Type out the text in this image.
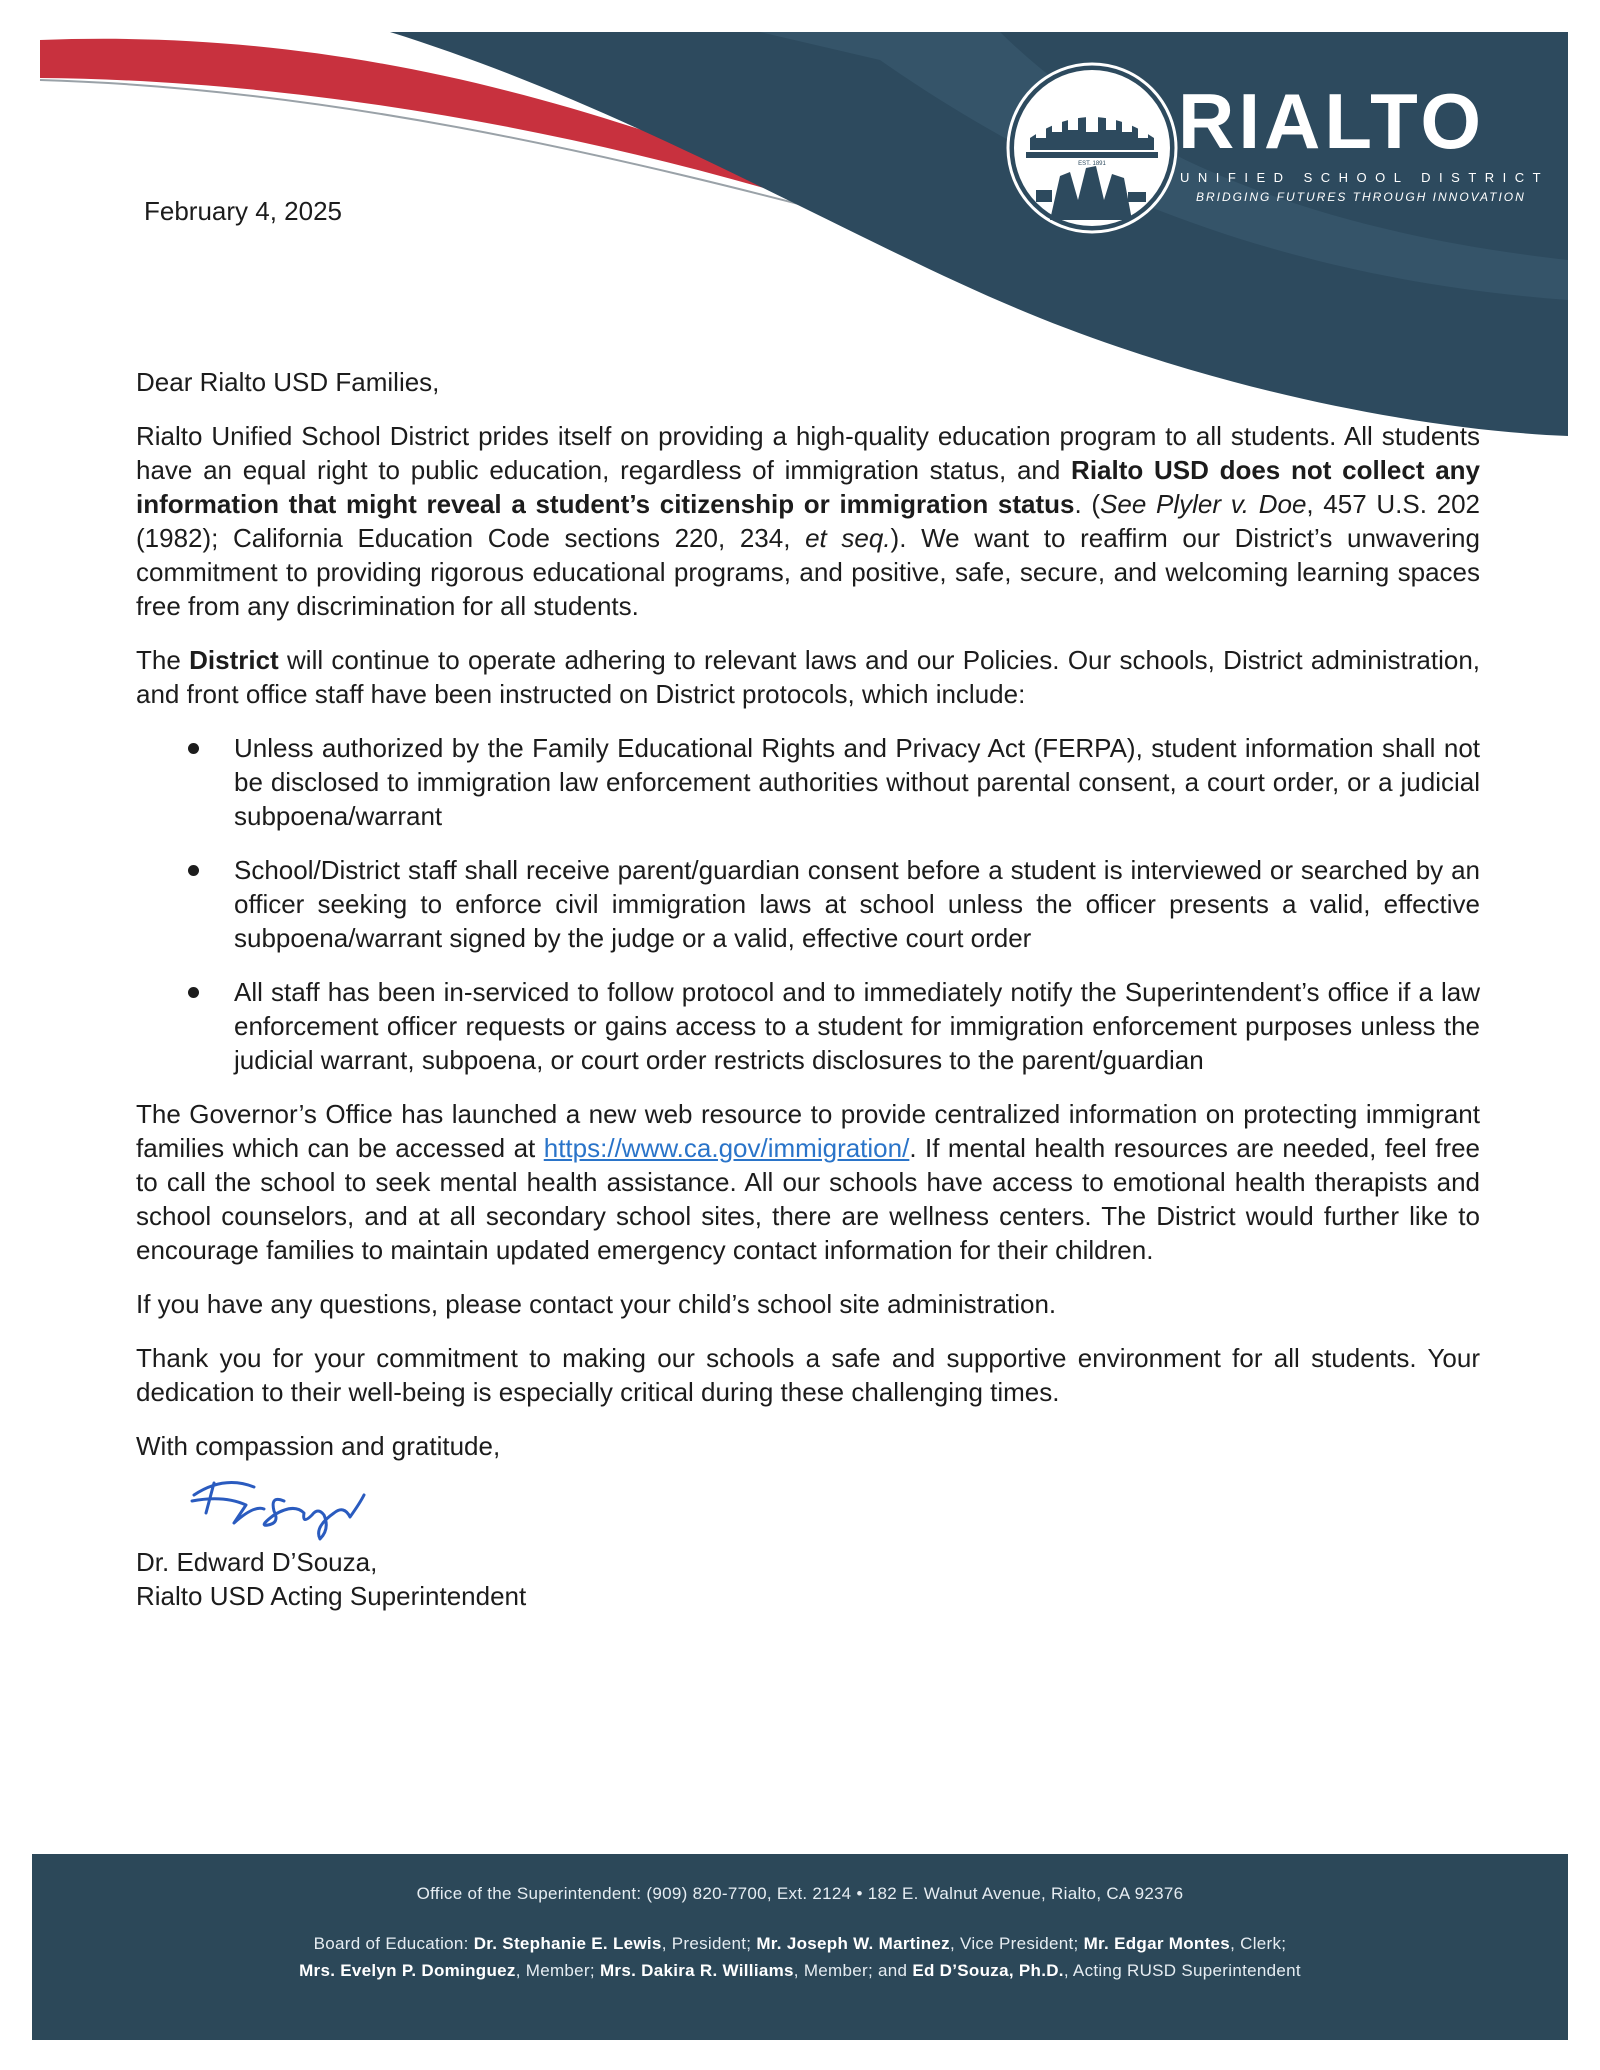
EST. 1891 RIALTO
UNIFIED SCHOOL DISTRICT
BRIDGING FUTURES THROUGH INNOVATION
February 4, 2025

Dear Rialto USD Families,

Rialto Unified School District prides itself on providing a high-quality education program to all students. All students have an equal right to public education, regardless of immigration status, and Rialto USD does not collect any information that might reveal a student’s citizenship or immigration status. (See Plyler v. Doe, 457 U.S. 202 (1982); California Education Code sections 220, 234, et seq.). We want to reaffirm our District’s unwavering commitment to providing rigorous educational programs, and positive, safe, secure, and welcoming learning spaces free from any discrimination for all students.

The District will continue to operate adhering to relevant laws and our Policies. Our schools, District administration, and front office staff have been instructed on District protocols, which include:

Unless authorized by the Family Educational Rights and Privacy Act (FERPA), student information shall not be disclosed to immigration law enforcement authorities without parental consent, a court order, or a judicial subpoena/warrant
School/District staff shall receive parent/guardian consent before a student is interviewed or searched by an officer seeking to enforce civil immigration laws at school unless the officer presents a valid, effective subpoena/warrant signed by the judge or a valid, effective court order
All staff has been in-serviced to follow protocol and to immediately notify the Superintendent’s office if a law enforcement officer requests or gains access to a student for immigration enforcement purposes unless the judicial warrant, subpoena, or court order restricts disclosures to the parent/guardian

The Governor’s Office has launched a new web resource to provide centralized information on protecting immigrant families which can be accessed at https://www.ca.gov/immigration/. If mental health resources are needed, feel free to call the school to seek mental health assistance. All our schools have access to emotional health therapists and school counselors, and at all secondary school sites, there are wellness centers. The District would further like to encourage families to maintain updated emergency contact information for their children.

If you have any questions, please contact your child’s school site administration.

Thank you for your commitment to making our schools a safe and supportive environment for all students. Your dedication to their well-being is especially critical during these challenging times.

With compassion and gratitude,
Dr. Edward D’Souza,
Rialto USD Acting Superintendent
Office of the Superintendent: (909) 820-7700, Ext. 2124 • 182 E. Walnut Avenue, Rialto, CA 92376
Board of Education: Dr. Stephanie E. Lewis, President; Mr. Joseph W. Martinez, Vice President; Mr. Edgar Montes, Clerk;
Mrs. Evelyn P. Dominguez, Member; Mrs. Dakira R. Williams, Member; and Ed D’Souza, Ph.D., Acting RUSD Superintendent
